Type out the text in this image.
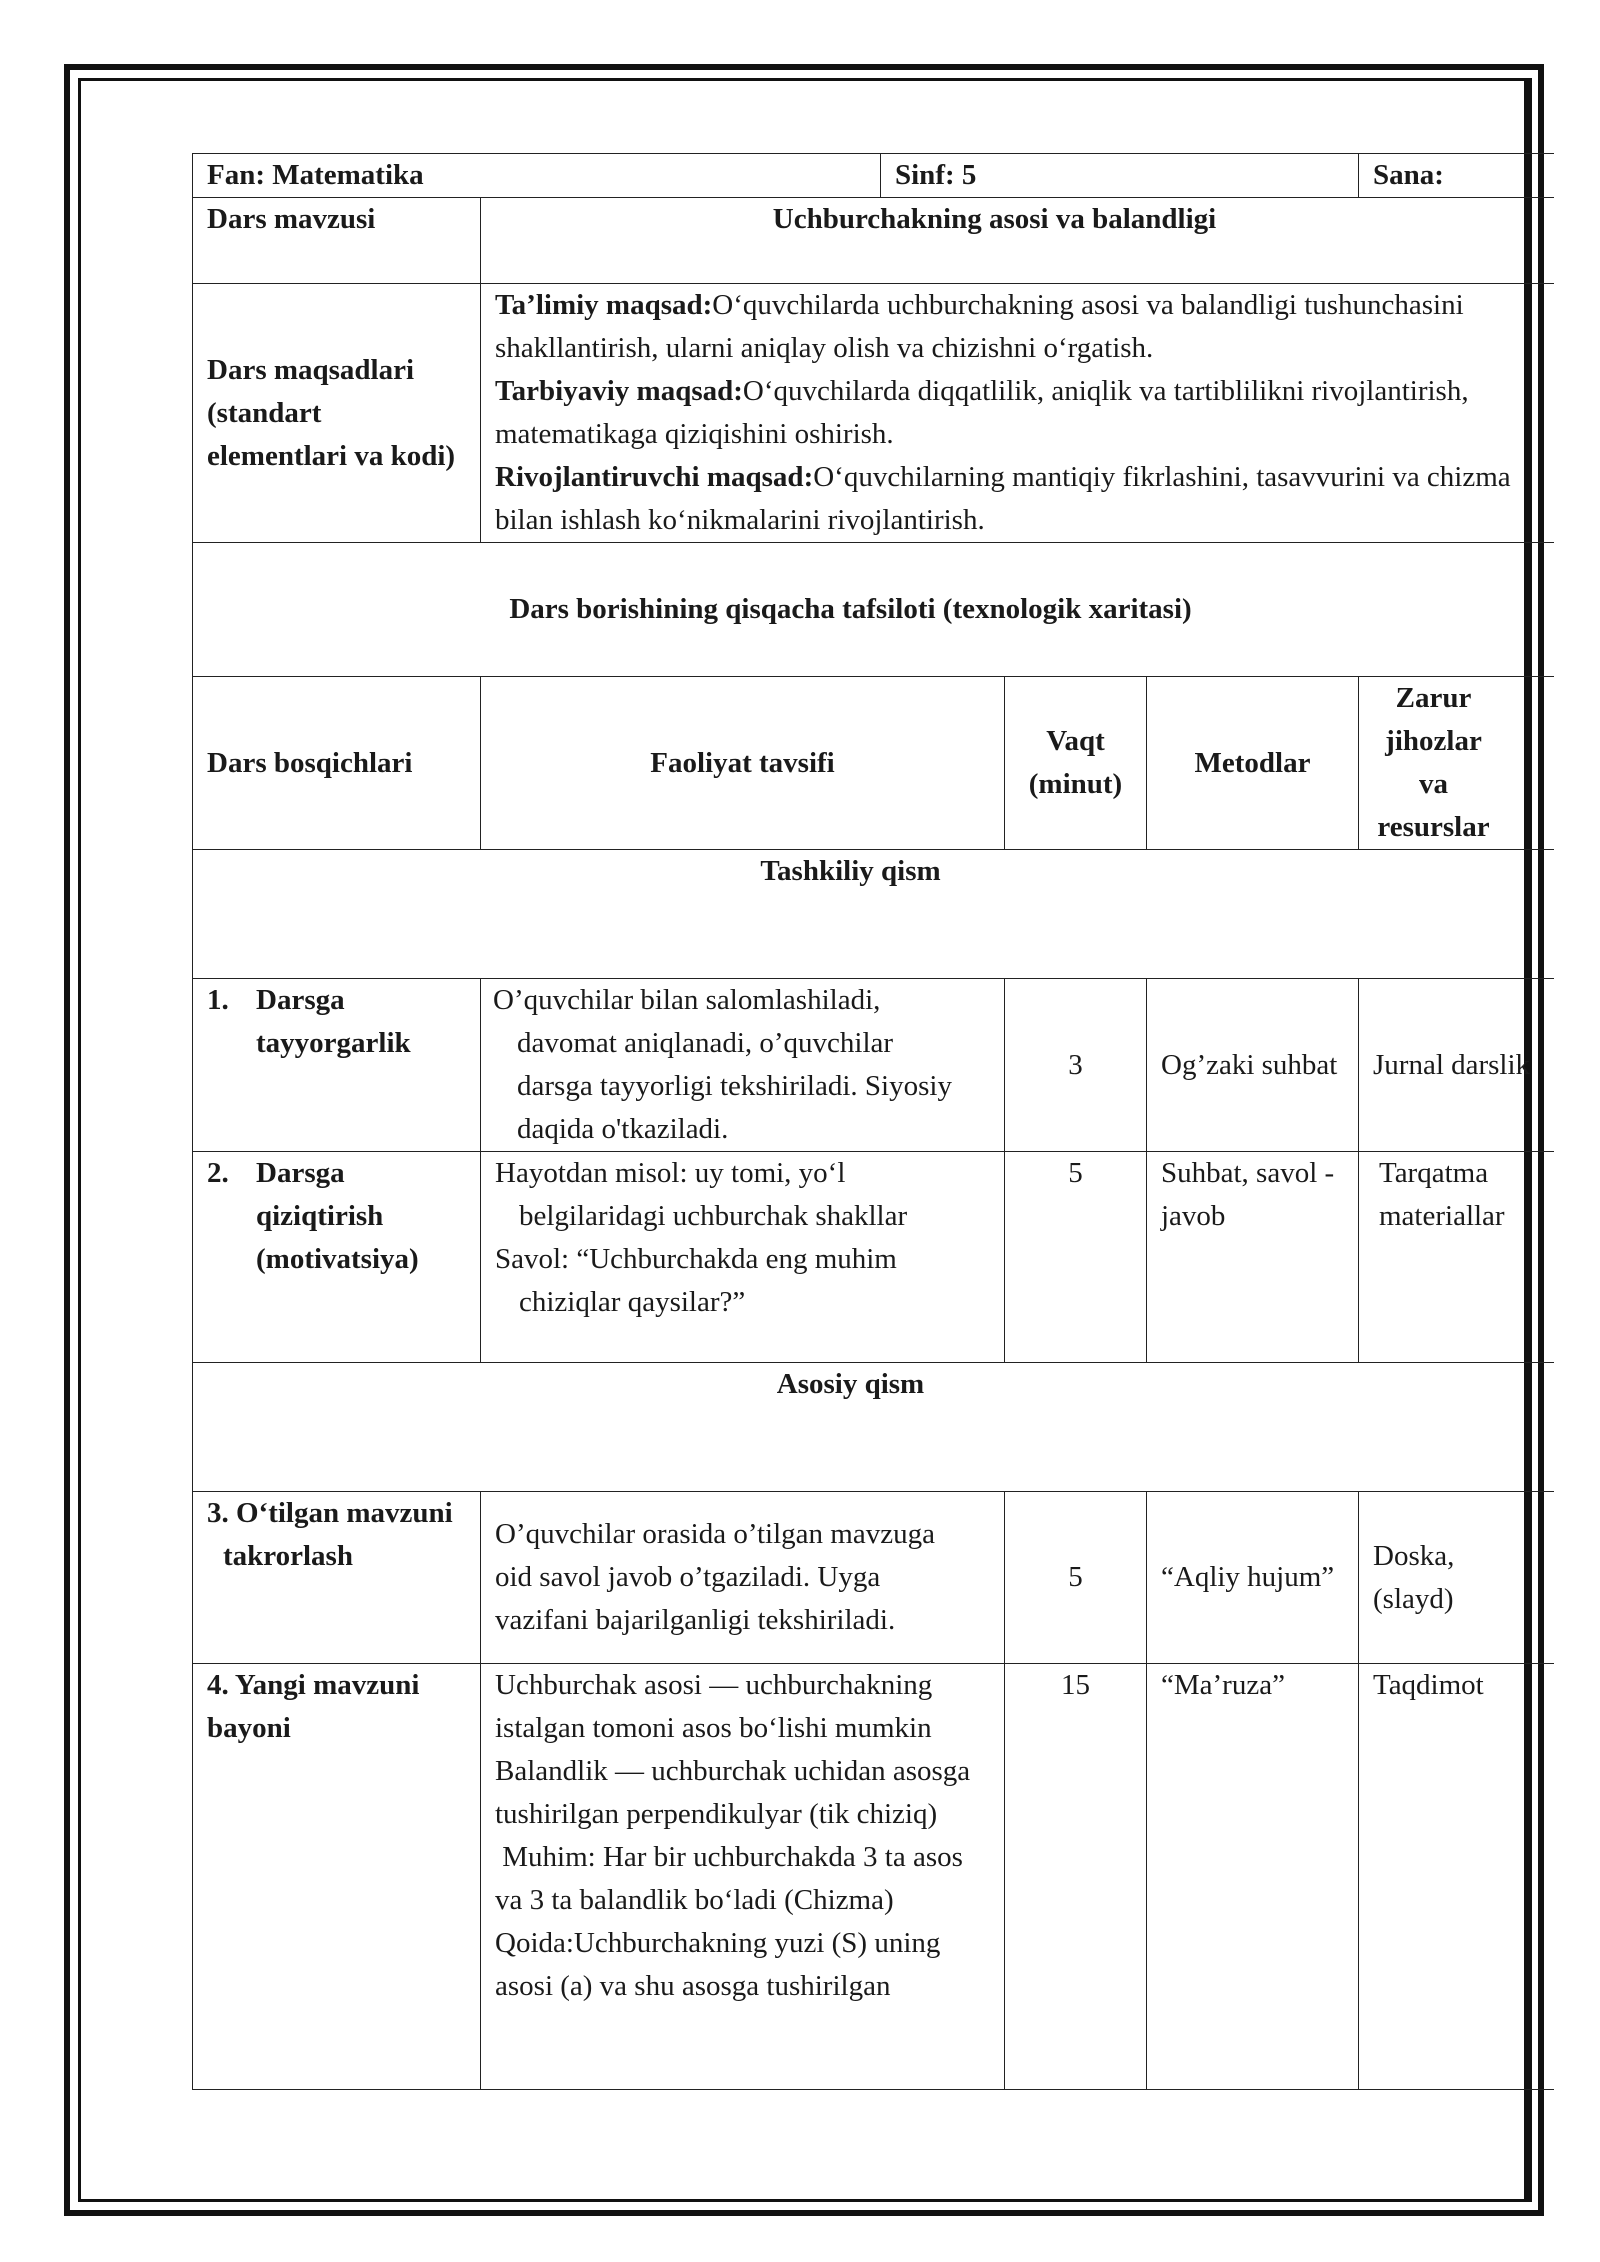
Fan: Matematika		Sinf: 5			Sana:
Dars mavzusi	Uchburchakning asosi va balandligi				
Dars maqsadlari (standart elementlari va kodi)	Ta’limiy maqsad:O‘quvchilarda uchburchakning asosi va balandligi tushunchasini shakllantirish, ularni aniqlay olish va chizishni o‘rgatish.
Tarbiyaviy maqsad:O‘quvchilarda diqqatlilik, aniqlik va tartiblilikni rivojlantirish, matematikaga qiziqishini oshirish.
Rivojlantiruvchi maqsad:O‘quvchilarning mantiqiy fikrlashini, tasavvurini va chizma bilan ishlash ko‘nikmalarini rivojlantirish.				

Dars borishining qisqacha tafsiloti (texnologik xaritasi)					
Dars bosqichlari	Faoliyat tavsifi		Vaqt (minut)	Metodlar	Zarur jihozlar va resurslar
Tashkiliy qism					

1. Darsga tayyorgarlik	O’quvchilar bilan salomlashiladi, davomat aniqlanadi, o’quvchilar darsga tayyorligi tekshiriladi. Siyosiy daqida o'tkaziladi.		3	Og’zaki suhbat	Jurnal darslik

2. Darsga qiziqtirish (motivatsiya)	Hayotdan misol: uy tomi, yo‘l belgilaridagi uchburchak shakllar
Savol: “Uchburchakda eng muhim chiziqlar qaysilar?”		5	Suhbat, savol - javob	Tarqatma materiallar
Asosiy qism					
3. O‘tilgan mavzuni takrorlash	O’quvchilar orasida o’tilgan mavzuga oid savol javob o’tgaziladi. Uyga vazifani bajarilganligi tekshiriladi.		5	“Aqliy hujum”	Doska, (slayd)
4. Yangi mavzuni bayoni	Uchburchak asosi — uchburchakning istalgan tomoni asos bo‘lishi mumkin
Balandlik — uchburchak uchidan asosga tushirilgan perpendikulyar (tik chiziq)
Muhim: Har bir uchburchakda 3 ta asos va 3 ta balandlik bo‘ladi (Chizma)
Qoida:Uchburchakning yuzi (S) uning asosi (a) va shu asosga tushirilgan		15	“Ma’ruza”	Taqdimot
